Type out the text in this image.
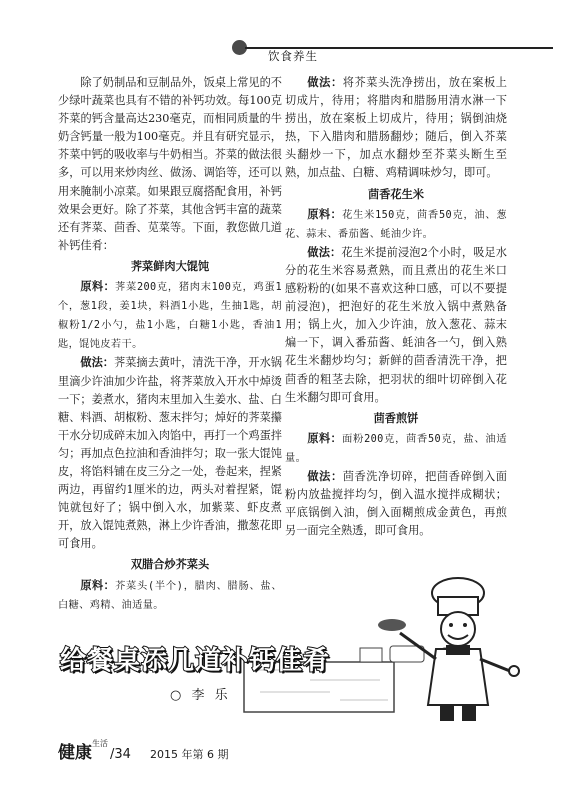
饮食养生

除了奶制品和豆制品外，饭桌上常见的不少绿叶蔬菜也具有不错的补钙功效。每100克芥菜的钙含量高达230毫克，而相同质量的牛奶含钙量一般为100毫克。并且有研究显示，芥菜中钙的吸收率与牛奶相当。芥菜的做法很多，可以用来炒肉丝、做汤、调馅等，还可以用来腌制小凉菜。如果跟豆腐搭配食用，补钙效果会更好。除了芥菜，其他含钙丰富的蔬菜还有荠菜、茴香、苋菜等。下面，教您做几道补钙佳肴：

荠菜鲜肉大馄饨

原料：荠菜200克，猪肉末100克，鸡蛋1个，葱1段，姜1块，料酒1小匙，生抽1匙，胡椒粉1/2小勺，盐1小匙，白糖1小匙，香油1匙，馄饨皮若干。

做法：荠菜摘去黄叶，清洗干净，开水锅里滴少许油加少许盐，将荠菜放入开水中焯烫一下；姜煮水，猪肉末里加入生姜水、盐、白糖、料酒、胡椒粉、葱末拌匀；焯好的荠菜攥干水分切成碎末加入肉馅中，再打一个鸡蛋拌匀；再加点色拉油和香油拌匀；取一张大馄饨皮，将馅料铺在皮三分之一处，卷起来，捏紧两边，再留约1厘米的边，两头对着捏紧，馄饨就包好了；锅中倒入水，加紫菜、虾皮煮开，放入馄饨煮熟，淋上少许香油，撒葱花即可食用。

双腊合炒芥菜头

原料：芥菜头(半个)，腊肉、腊肠、盐、白糖、鸡精、油适量。

做法：将芥菜头洗净捞出，放在案板上切成片，待用；将腊肉和腊肠用清水淋一下捞出，放在案板上切成片，待用；锅倒油烧热，下入腊肉和腊肠翻炒；随后，倒入芥菜头翻炒一下，加点水翻炒至芥菜头断生至熟，加点盐、白糖、鸡精调味炒匀，即可。

茴香花生米

原料：花生米150克，茴香50克，油、葱花、蒜末、番茄酱、蚝油少许。

做法：花生米提前浸泡2个小时，吸足水分的花生米容易煮熟，而且煮出的花生米口感粉粉的(如果不喜欢这种口感，可以不要提前浸泡)，把泡好的花生米放入锅中煮熟备用；锅上火，加入少许油，放入葱花、蒜末煸一下，调入番茄酱、蚝油各一勺，倒入熟花生米翻炒均匀；新鲜的茴香清洗干净，把茴香的粗茎去除，把羽状的细叶切碎倒入花生米翻匀即可食用。

茴香煎饼

原料：面粉200克，茴香50克，盐、油适量。

做法：茴香洗净切碎，把茴香碎倒入面粉内放盐搅拌均匀，倒入温水搅拌成糊状；平底锅倒入油，倒入面糊煎成金黄色，再煎另一面完全熟透，即可食用。

给餐桌添几道补钙佳肴
○ 李 乐
健康生活/34 2015 年第 6 期
